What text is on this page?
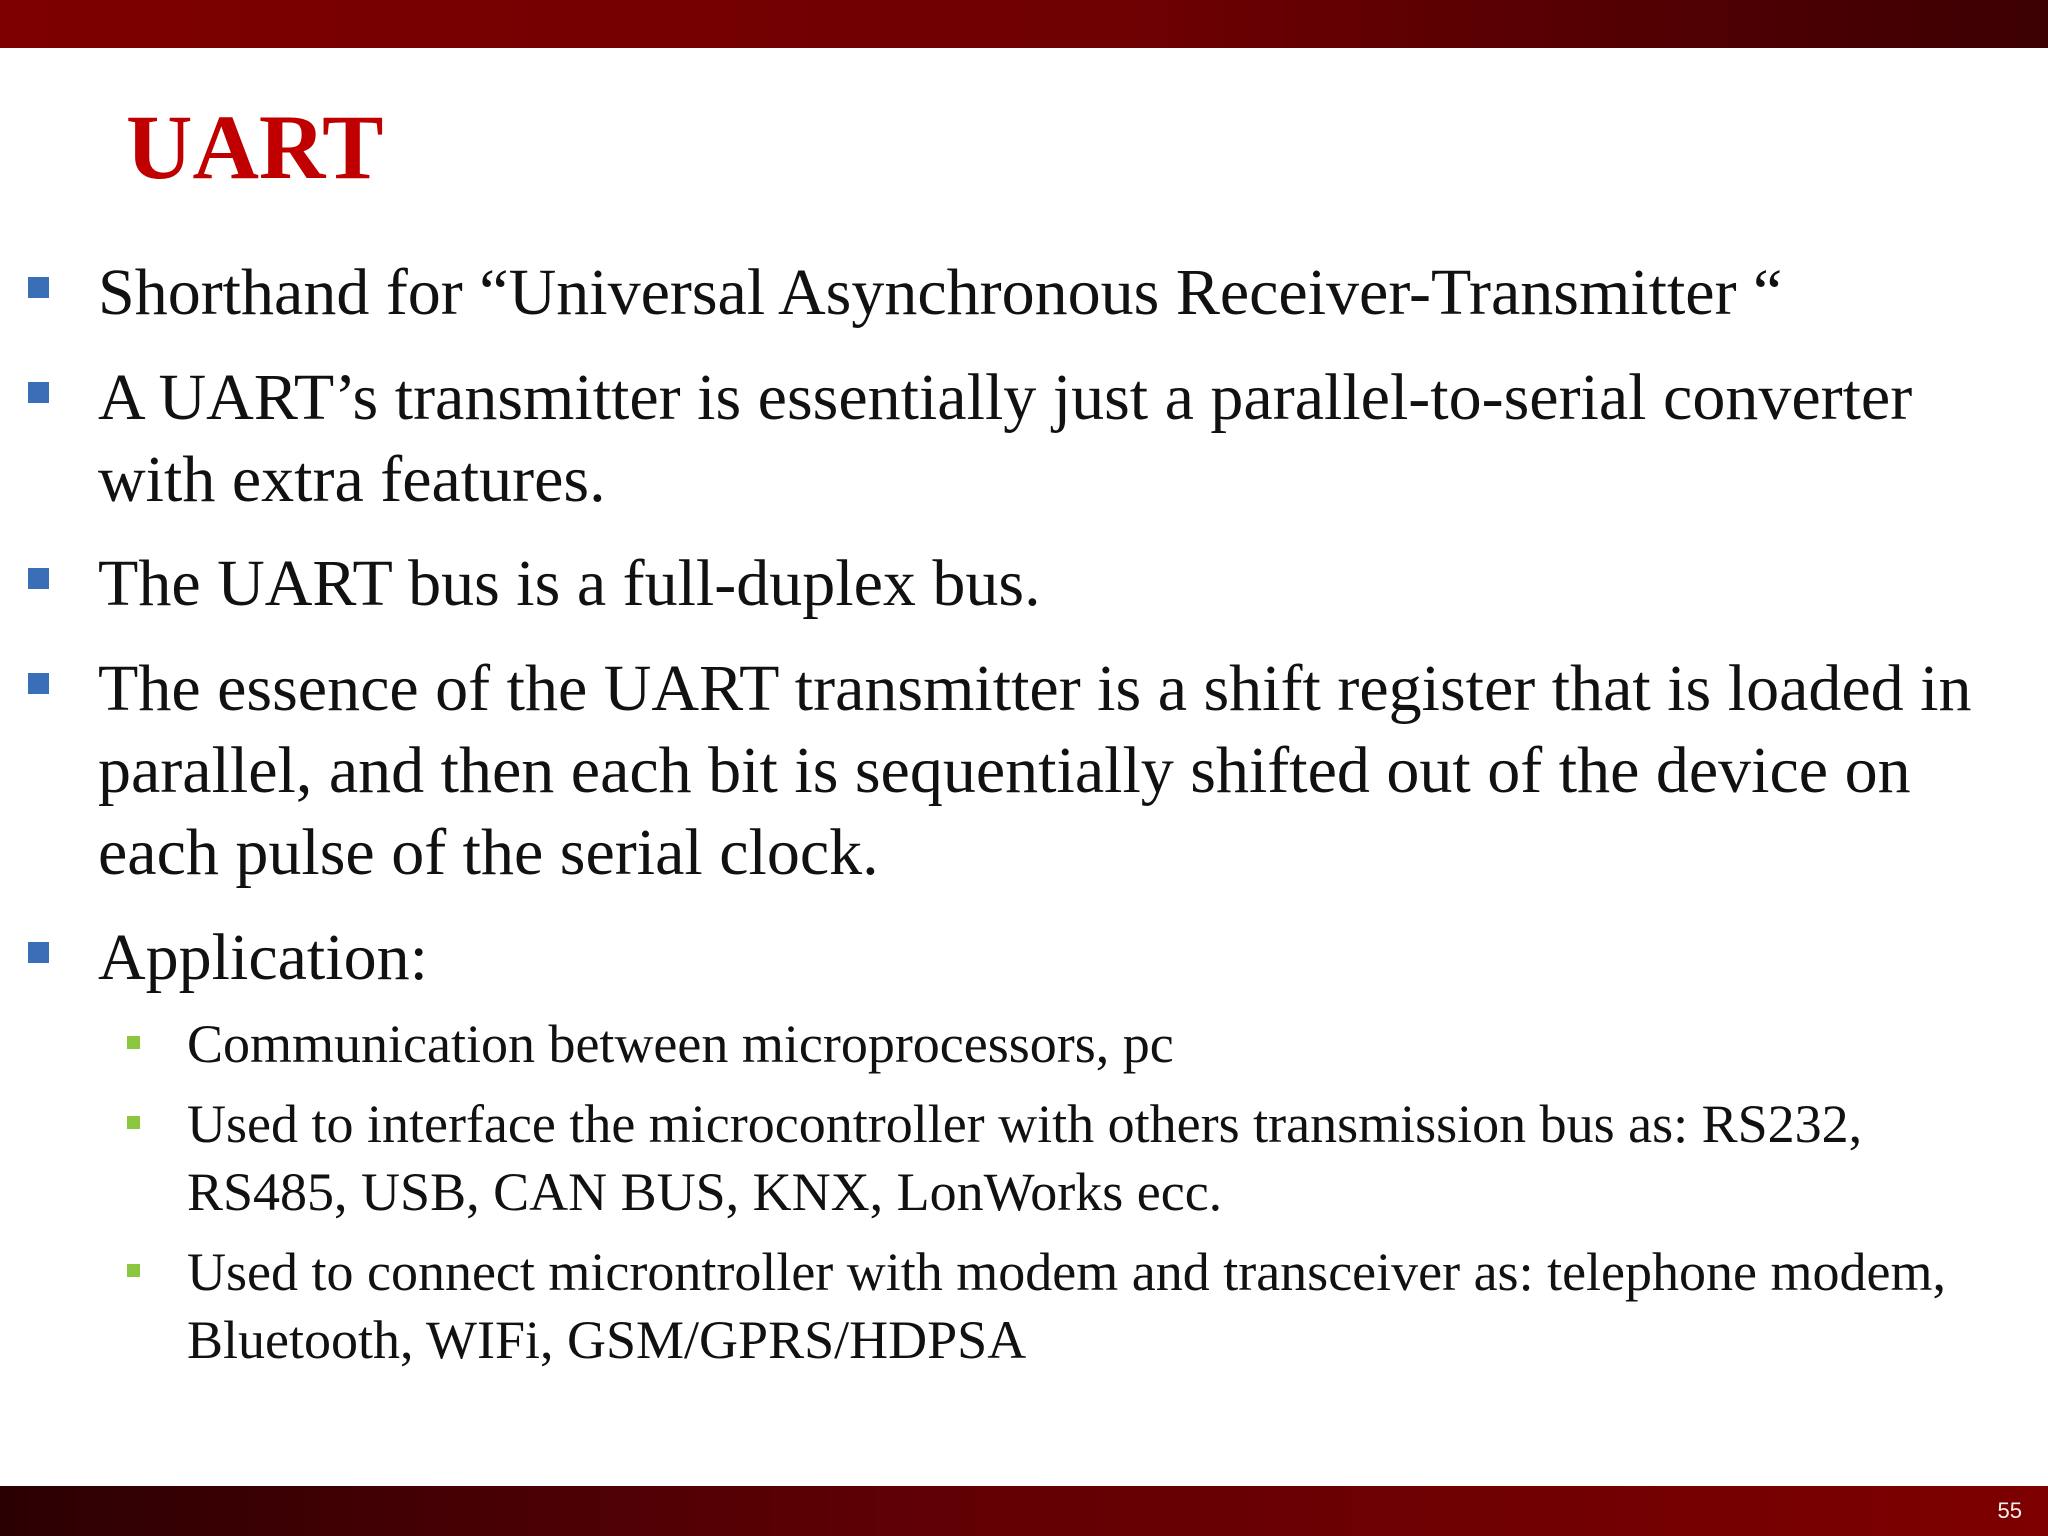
UART
Shorthand for “Universal Asynchronous Receiver-Transmitter “
A UART’s transmitter is essentially just a parallel-to-serial converter with extra features.
The UART bus is a full-duplex bus.
The essence of the UART transmitter is a shift register that is loaded in parallel, and then each bit is sequentially shifted out of the device on each pulse of the serial clock.
Application:
Communication between microprocessors, pc
Used to interface the microcontroller with others transmission bus as: RS232, RS485, USB, CAN BUS, KNX, LonWorks ecc.
Used to connect microntroller with modem and transceiver as: telephone modem, Bluetooth, WIFi, GSM/GPRS/HDPSA
55
